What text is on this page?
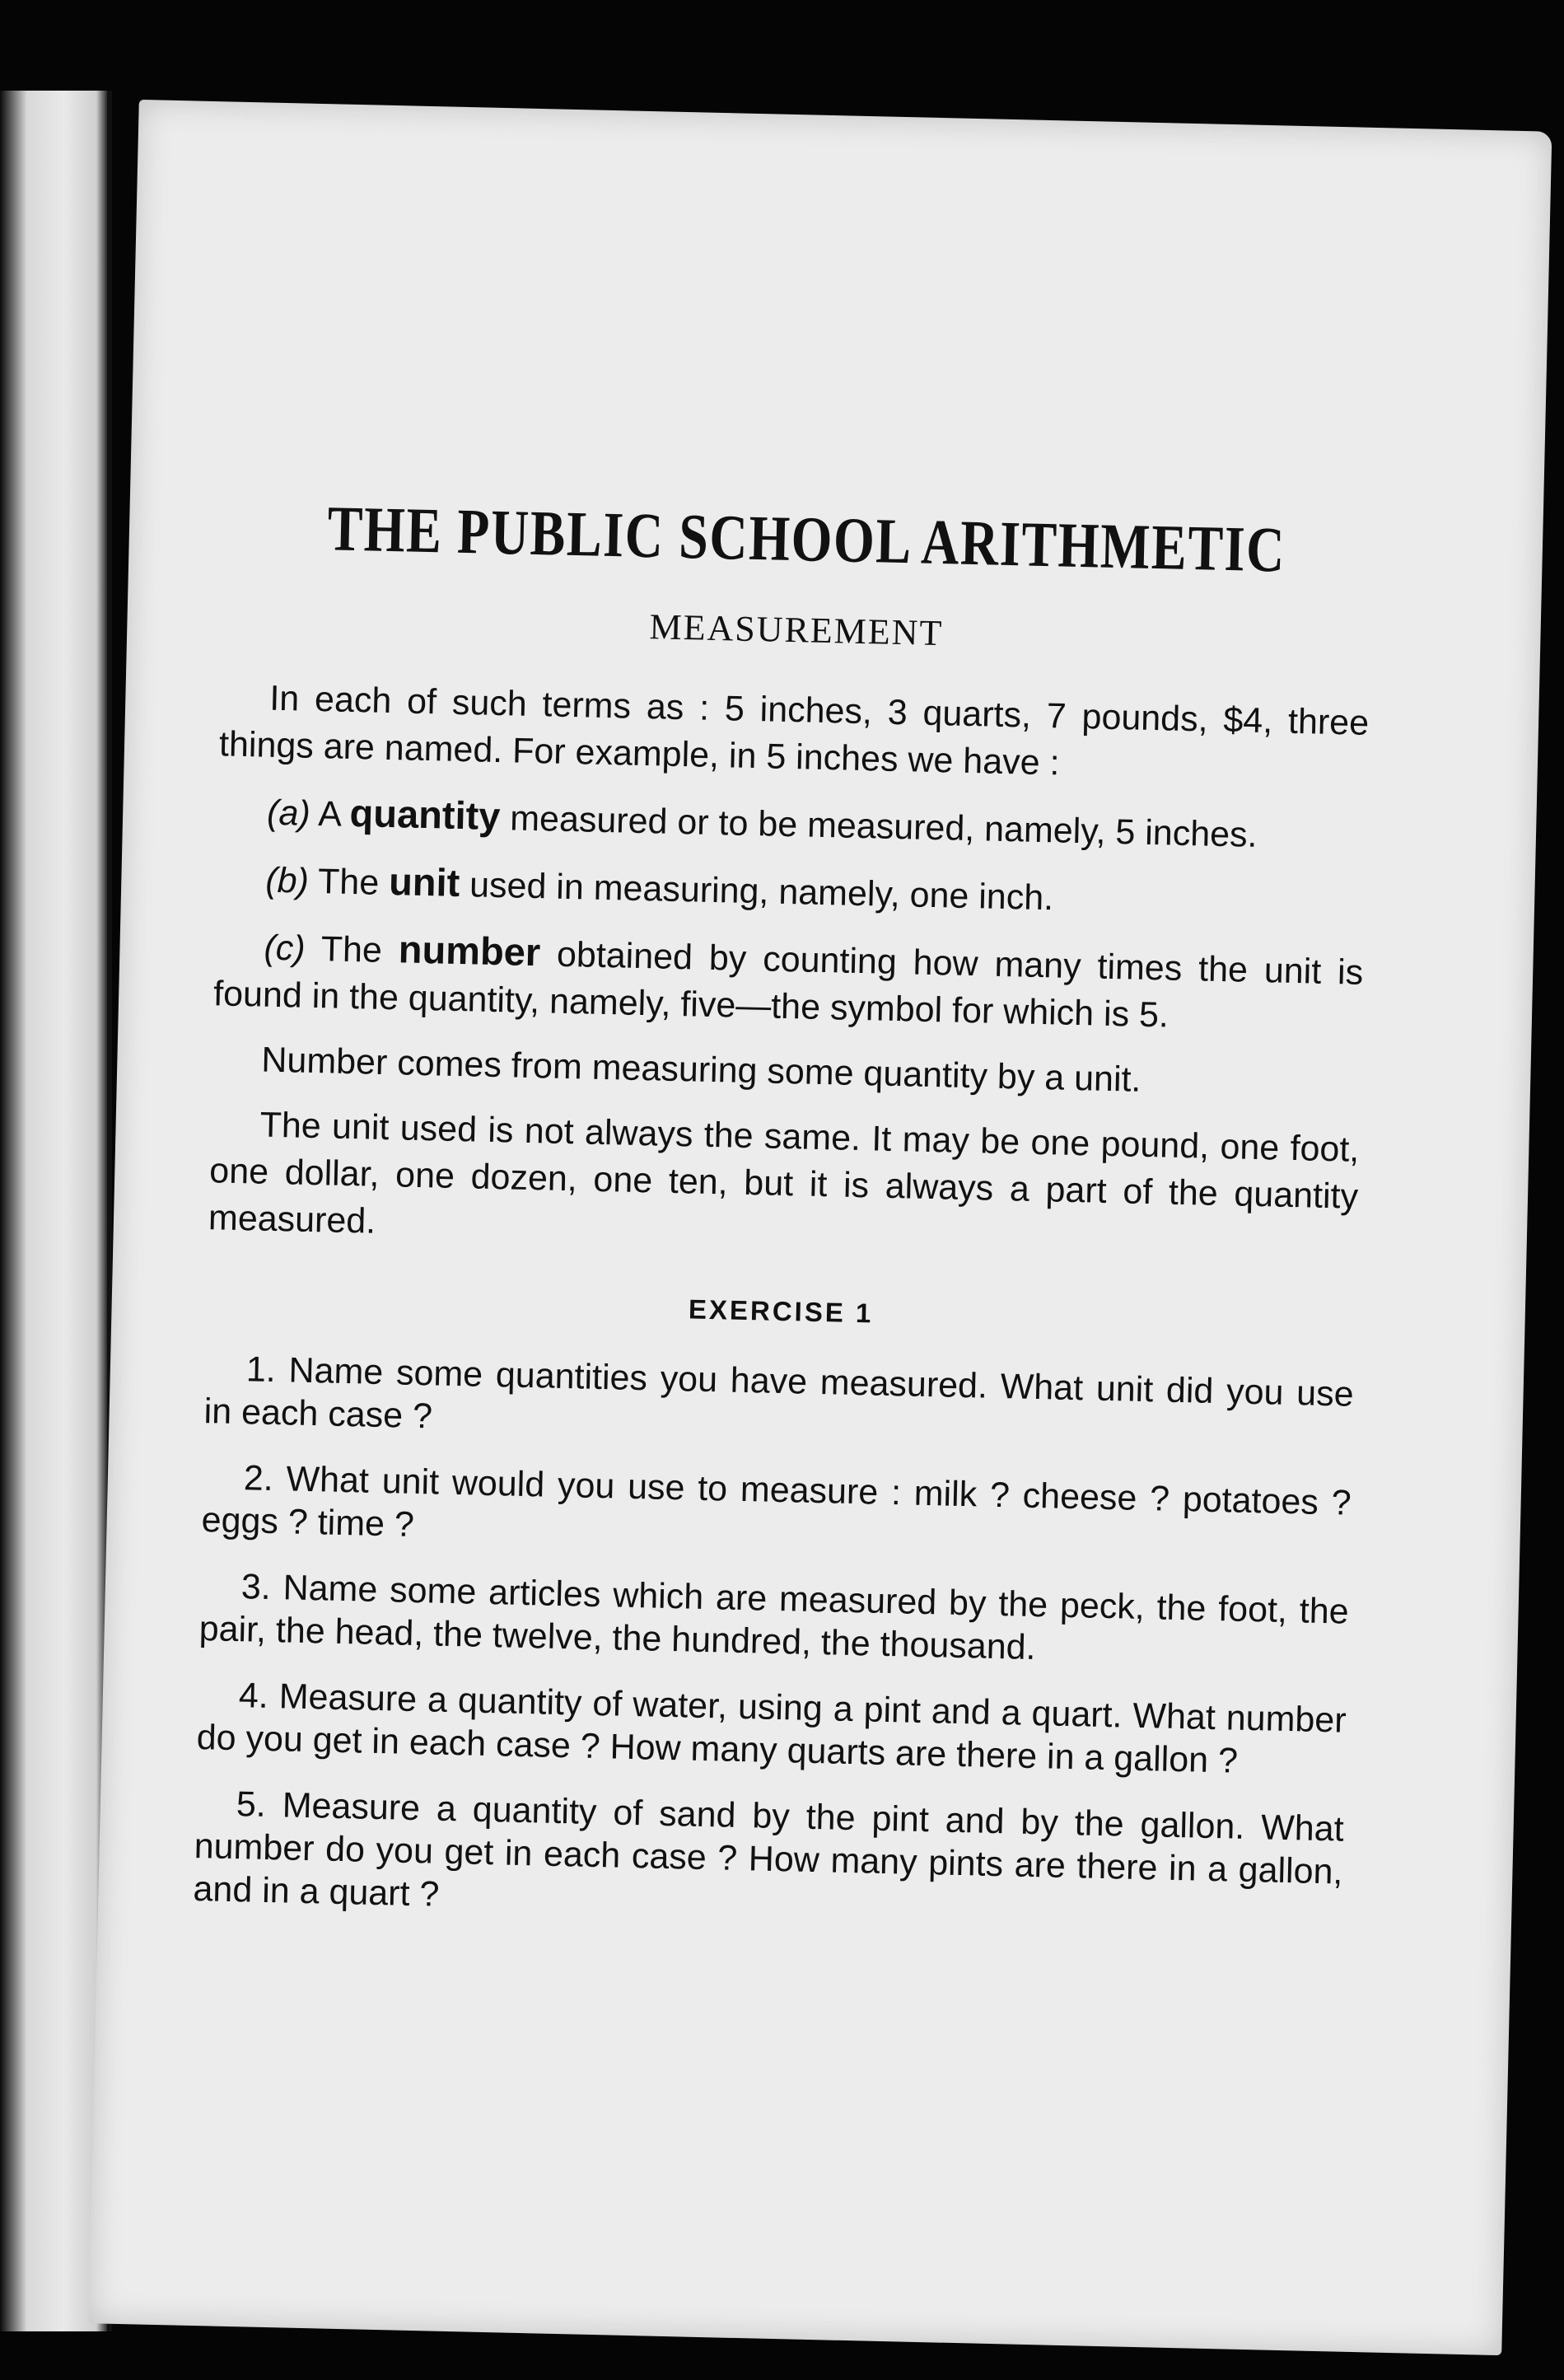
THE PUBLIC SCHOOL ARITHMETIC
MEASUREMENT

In each of such terms as : 5 inches, 3 quarts, 7 pounds, $4, three things are named. For example, in 5 inches we have :

(a) A quantity measured or to be measured, namely, 5 inches.

(b) The unit used in measuring, namely, one inch.

(c) The number obtained by counting how many times the unit is found in the quantity, namely, five—the symbol for which is 5.

Number comes from measuring some quantity by a unit.

The unit used is not always the same. It may be one pound, one foot, one dollar, one dozen, one ten, but it is always a part of the quantity measured.

EXERCISE 1

1. Name some quantities you have measured. What unit did you use in each case ?

2. What unit would you use to measure : milk ? cheese ? potatoes ? eggs ? time ?

3. Name some articles which are measured by the peck, the foot, the pair, the head, the twelve, the hundred, the thousand.

4. Measure a quantity of water, using a pint and a quart. What number do you get in each case ? How many quarts are there in a gallon ?

5. Measure a quantity of sand by the pint and by the gallon. What number do you get in each case ? How many pints are there in a gallon, and in a quart ?
